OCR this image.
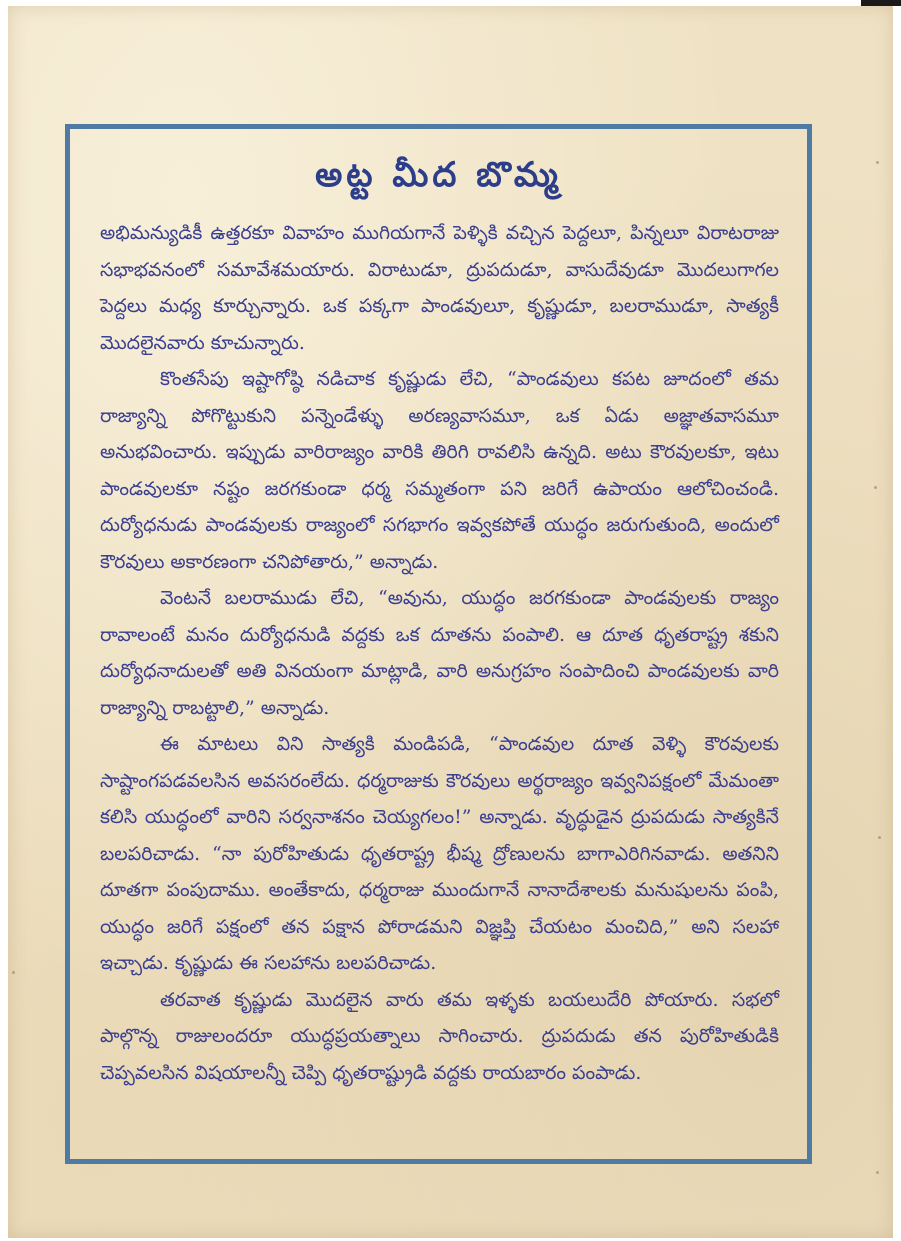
అట్ట మీద బొమ్మ

అభిమన్యుడికీ ఉత్తరకూ వివాహం ముగియగానే పెళ్ళికి వచ్చిన పెద్దలూ, పిన్నలూ విరాటరాజు సభాభవనంలో సమావేశమయారు. విరాటుడూ, ద్రుపదుడూ, వాసుదేవుడూ మొదలుగాగల పెద్దలు మధ్య కూర్చున్నారు. ఒక పక్కగా పాండవులూ, కృష్ణుడూ, బలరాముడూ, సాత్యకీ మొదలైనవారు కూచున్నారు.

కొంతసేపు ఇష్టాగోష్ఠి నడిచాక కృష్ణుడు లేచి, “పాండవులు కపట జూదంలో తమ రాజ్యాన్ని పోగొట్టుకుని పన్నెండేళ్ళు అరణ్యవాసమూ, ఒక ఏడు అజ్ఞాతవాసమూ అనుభవించారు. ఇప్పుడు వారిరాజ్యం వారికి తిరిగి రావలిసి ఉన్నది. అటు కౌరవులకూ, ఇటు పాండవులకూ నష్టం జరగకుండా ధర్మ సమ్మతంగా పని జరిగే ఉపాయం ఆలోచించండి. దుర్యోధనుడు పాండవులకు రాజ్యంలో సగభాగం ఇవ్వకపోతే యుద్ధం జరుగుతుంది, అందులో కౌరవులు అకారణంగా చనిపోతారు,” అన్నాడు.

వెంటనే బలరాముడు లేచి, “అవును, యుద్ధం జరగకుండా పాండవులకు రాజ్యం రావాలంటే మనం దుర్యోధనుడి వద్దకు ఒక దూతను పంపాలి. ఆ దూత ధృతరాష్ట్ర శకుని దుర్యోధనాదులతో అతి వినయంగా మాట్లాడి, వారి అనుగ్రహం సంపాదించి పాండవులకు వారి రాజ్యాన్ని రాబట్టాలి,” అన్నాడు.

ఈ మాటలు విని సాత్యకి మండిపడి, “పాండవుల దూత వెళ్ళి కౌరవులకు సాష్టాంగపడవలసిన అవసరంలేదు. ధర్మరాజుకు కౌరవులు అర్థరాజ్యం ఇవ్వనిపక్షంలో మేమంతా కలిసి యుద్ధంలో వారిని సర్వనాశనం చెయ్యగలం!” అన్నాడు. వృద్ధుడైన ద్రుపదుడు సాత్యకినే బలపరిచాడు. “నా పురోహితుడు ధృతరాష్ట్ర భీష్మ ద్రోణులను బాగాఎరిగినవాడు. అతనిని దూతగా పంపుదాము. అంతేకాదు, ధర్మరాజు ముందుగానే నానాదేశాలకు మనుషులను పంపి, యుద్ధం జరిగే పక్షంలో తన పక్షాన పోరాడమని విజ్ఞప్తి చేయటం మంచిది,” అని సలహా ఇచ్చాడు. కృష్ణుడు ఈ సలహాను బలపరిచాడు.

తరవాత కృష్ణుడు మొదలైన వారు తమ ఇళ్ళకు బయలుదేరి పోయారు. సభలో పాల్గొన్న రాజులందరూ యుద్ధప్రయత్నాలు సాగించారు. ద్రుపదుడు తన పురోహితుడికి చెప్పవలసిన విషయాలన్నీ చెప్పి ధృతరాష్ట్రుడి వద్దకు రాయబారం పంపాడు.
